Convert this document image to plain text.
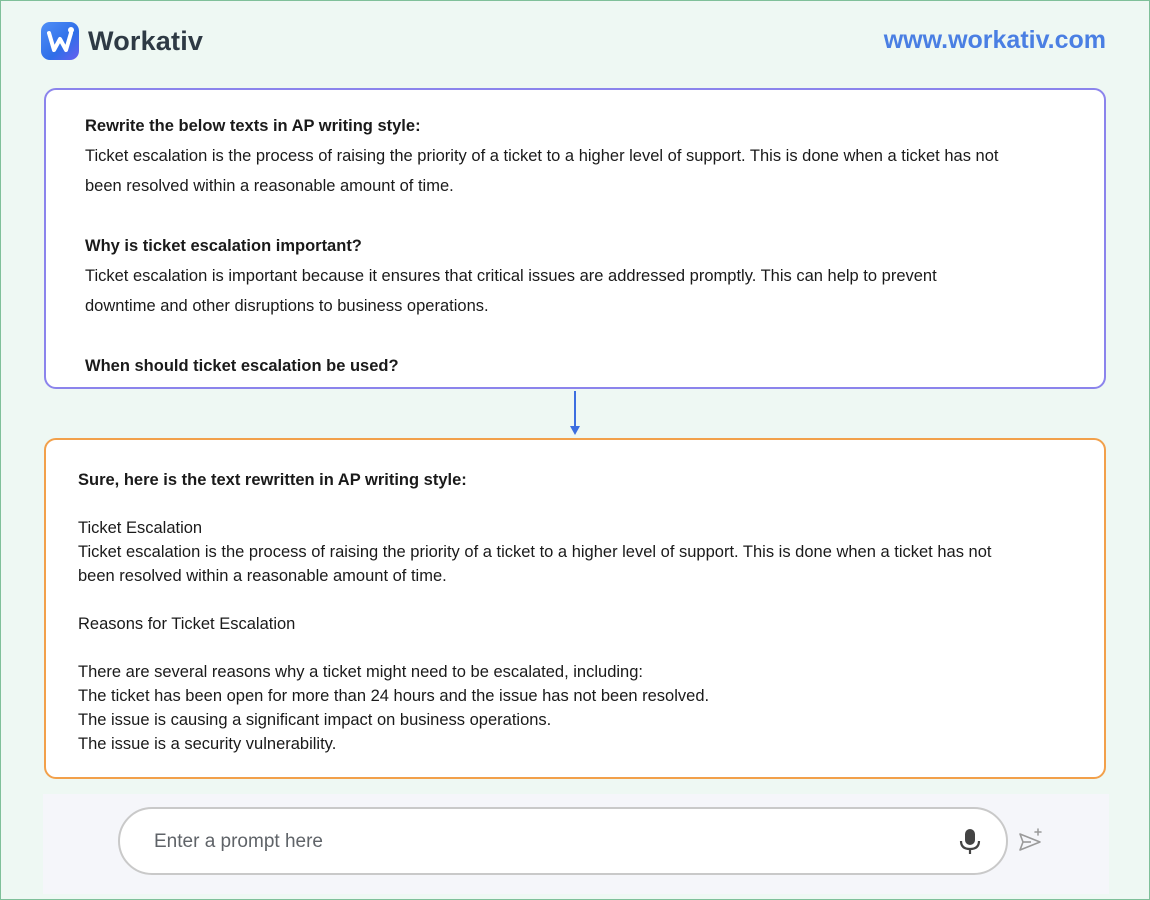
Workativ	www.workativ.com
Rewrite the below texts in AP writing style:
Ticket escalation is the process of raising the priority of a ticket to a higher level of support. This is done when a ticket has not
been resolved within a reasonable amount of time.
Why is ticket escalation important?
Ticket escalation is important because it ensures that critical issues are addressed promptly. This can help to prevent
downtime and other disruptions to business operations.
When should ticket escalation be used?
Sure, here is the text rewritten in AP writing style:
Ticket Escalation
Ticket escalation is the process of raising the priority of a ticket to a higher level of support. This is done when a ticket has not
been resolved within a reasonable amount of time.
Reasons for Ticket Escalation
There are several reasons why a ticket might need to be escalated, including:
The ticket has been open for more than 24 hours and the issue has not been resolved.
The issue is causing a significant impact on business operations.
The issue is a security vulnerability.
Enter a prompt here
